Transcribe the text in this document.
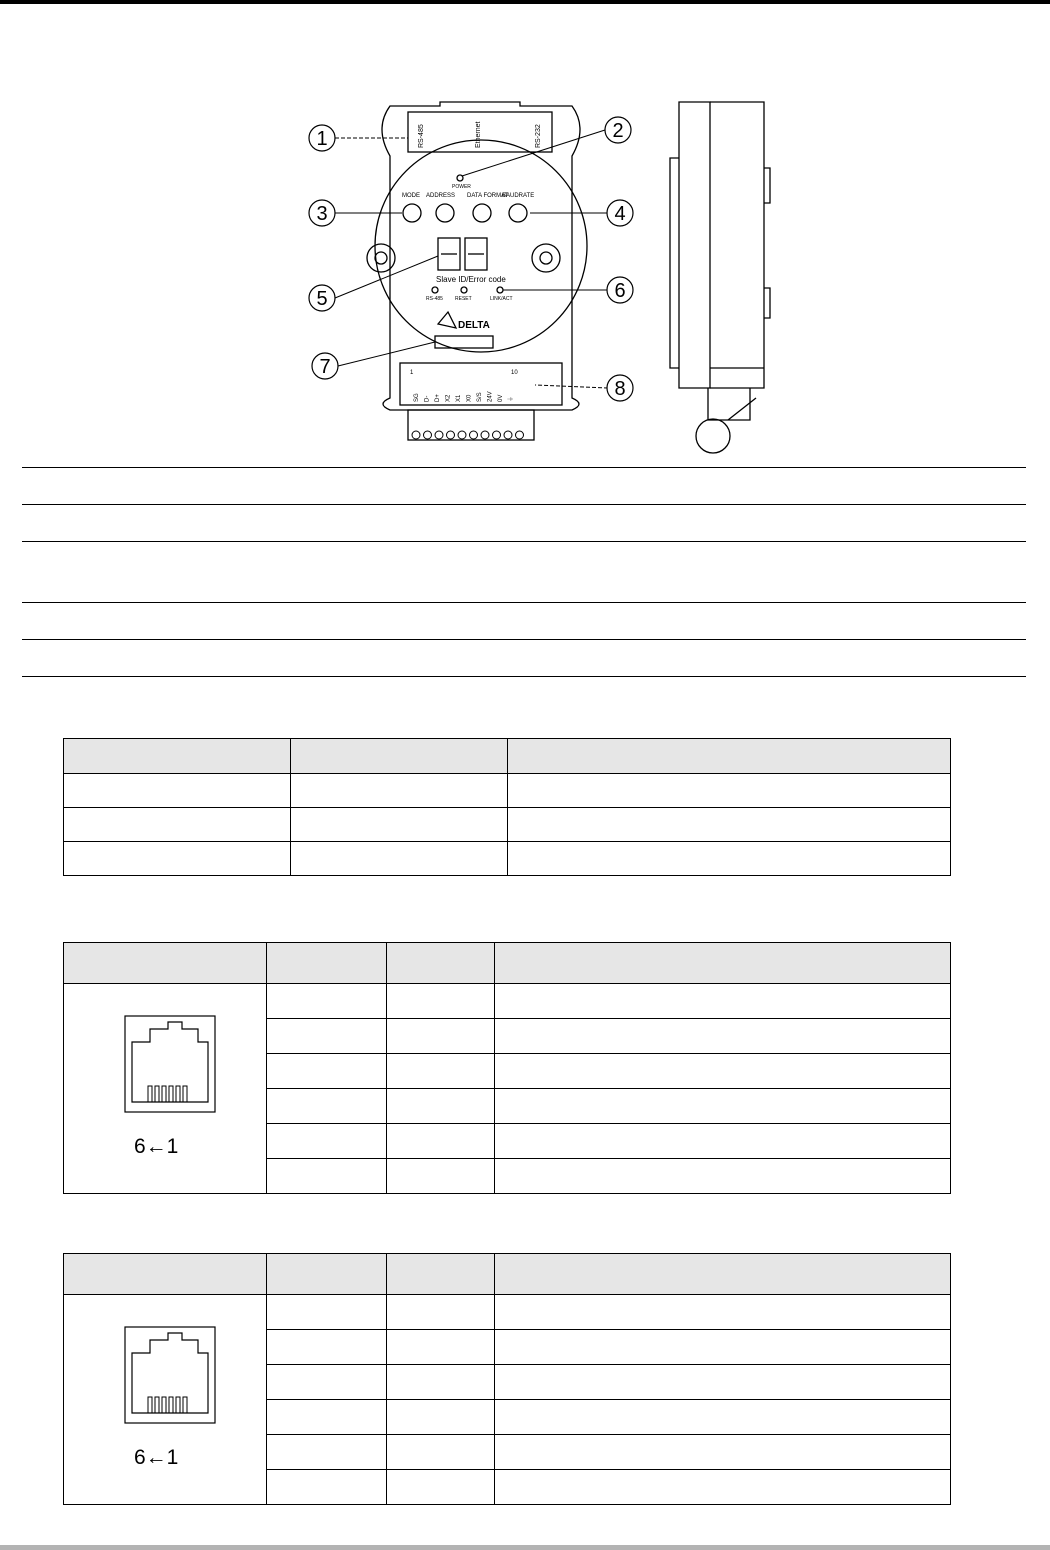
RS-485	Ethernet	RS-232
POWER
MODE ADDRESS DATA FORMAT
BAUDRATE
Slave ID/Error code
RS-485 RESET	LINK/ACT
DELTA
1	10
SG D- D+ X2 X1 X0 S/S 24V 0V ⏚
1	2
3	4
5	6
7
8

6←1			

6←1			
